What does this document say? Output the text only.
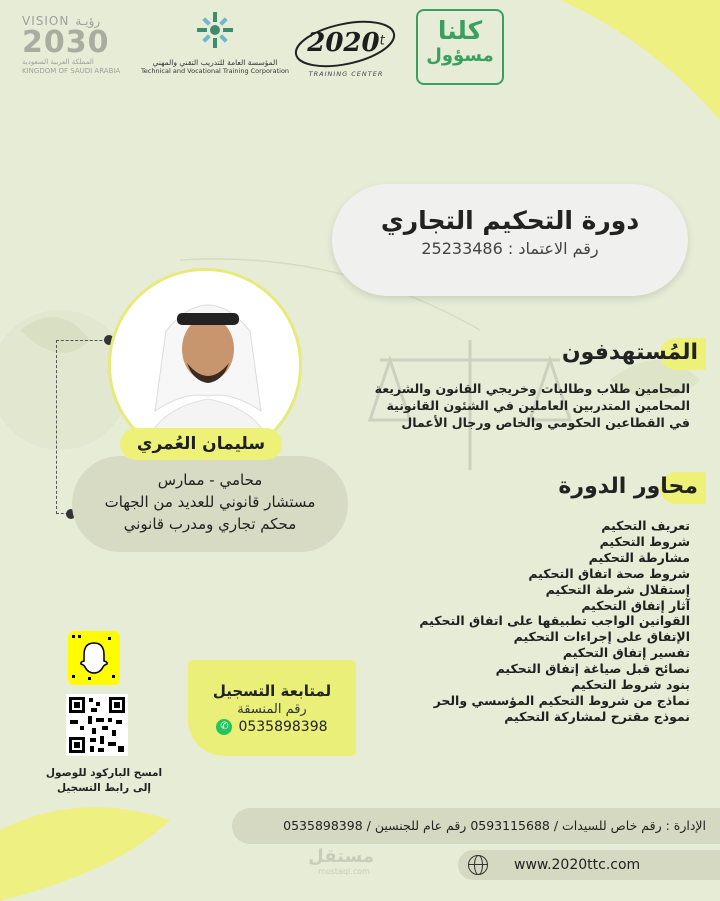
VISION رؤيـة
2030
المملكة العربية السعودية
KINGDOM OF SAUDI ARABIA
المؤسسة العامة للتدريب التقني والمهني
Technical and Vocational Training Corporation
2020$^t$
TRAINING CENTER
كلنا
مسؤول
دورة التحكيم التجاري
رقم الاعتماد : 25233486
محامي - ممارس
مستشار قانوني للعديد من الجهات
محكم تجاري ومدرب قانوني
سليمان العُمري
المُستهدفون
المحامين طلاب وطالبات وخريجي القانون والشريعة
المحامين المتدربين العاملين في الشئون القانونية
في القطاعين الحكومي والخاص ورجال الأعمال
محاور الدورة
تعريف التحكيم
شروط التحكيم
مشارطة التحكيم
شروط صحة اتفاق التحكيم
إستقلال شرطة التحكيم
آثار إتفاق التحكيم
القوانين الواجب تطبيقها على اتفاق التحكيم
الإتفاق على إجراءات التحكيم
تفسير إتفاق التحكيم
نصائح قبل صياغة إتفاق التحكيم
بنود شروط التحكيم
نماذج من شروط التحكيم المؤسسي والحر
نموذج مقترح لمشاركة التحكيم
امسح الباركود للوصول إلى رابط التسجيل
لمتابعة التسجيل
رقم المنسقة
✆ 0535898398
الإدارة : رقم خاص للسيدات / 0593115688 رقم عام للجنسين / 0535898398
مستقل
mostaql.com	www.2020ttc.com
